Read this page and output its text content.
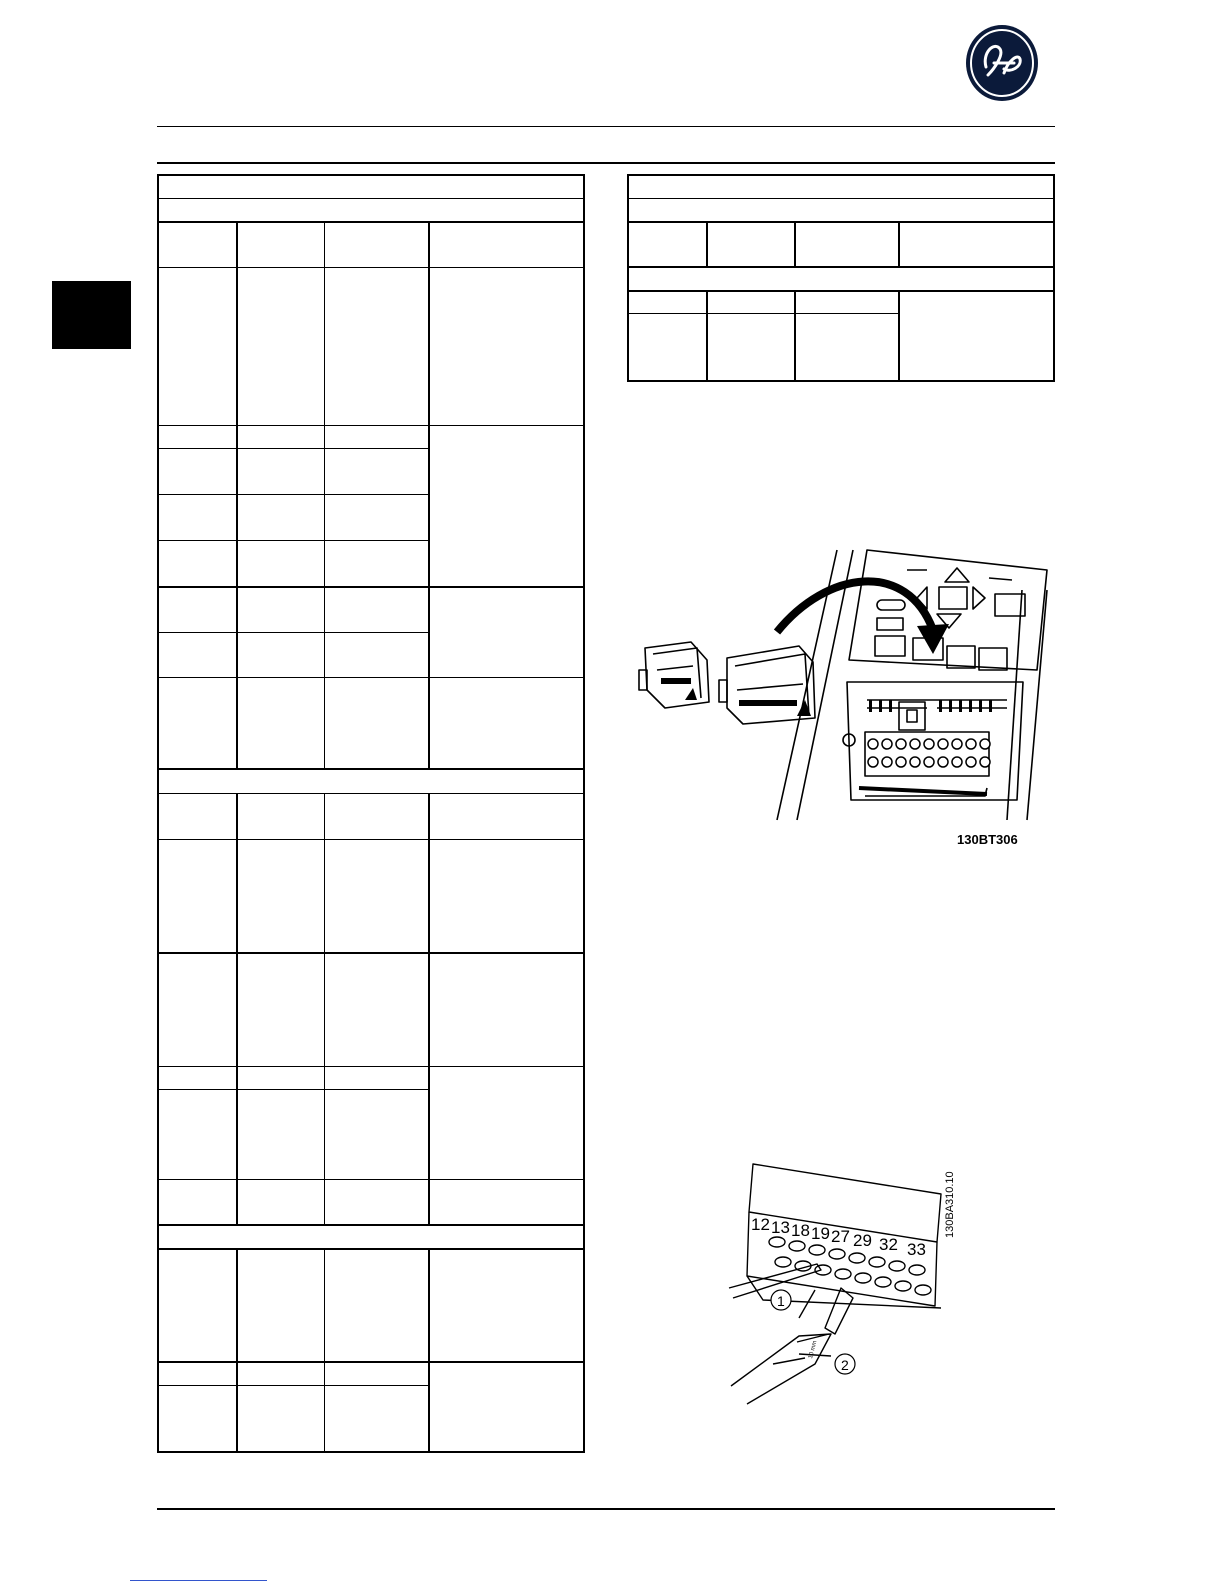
130BT306
12 13 18 19 27 29 32 33
1
2
10 mm
130BA310.10
